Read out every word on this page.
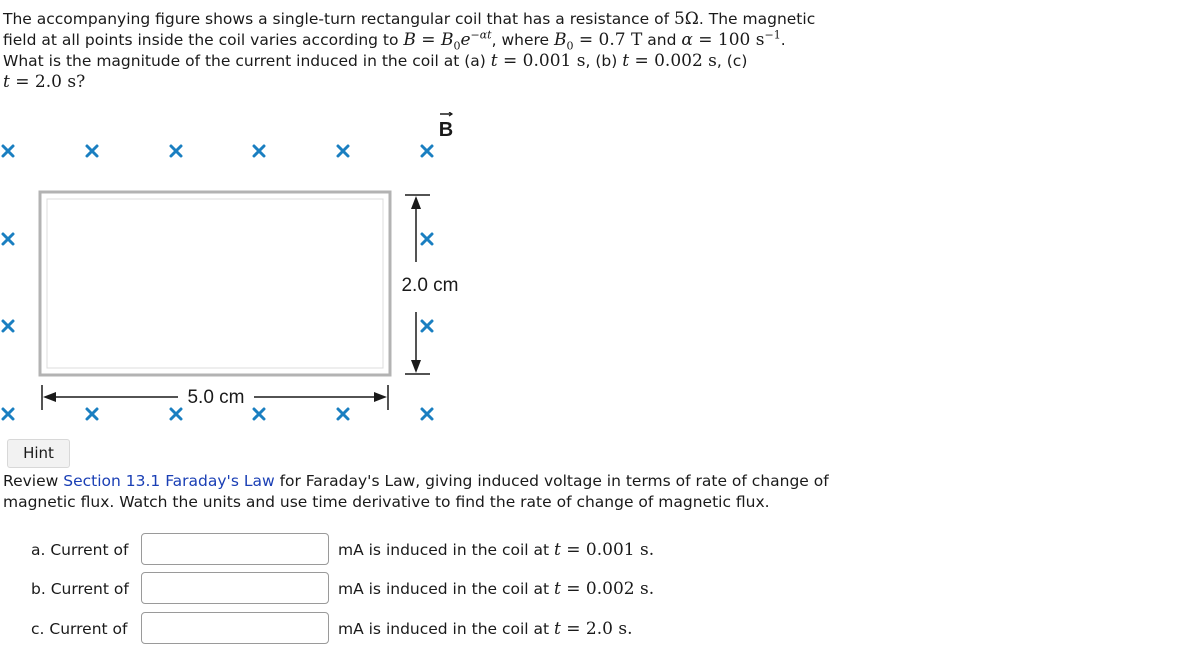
The accompanying figure shows a single-turn rectangular coil that has a resistance of 5Ω. The magnetic
field at all points inside the coil varies according to $B = B_0e^{-\alpha t}$, where $B_0 = 0.7$ T and α = 100 $s^{-1}$.
What is the magnitude of the current induced in the coil at (a) t = 0.001 s, (b) t = 0.002 s, (c)
t = 2.0 s?
B
2.0 cm
5.0 cm
Hint
Review Section 13.1 Faraday's Law for Faraday's Law, giving induced voltage in terms of rate of change of
magnetic flux. Watch the units and use time derivative to find the rate of change of magnetic flux.
a. Current of	mA is induced in the coil at t = 0.001 s.
b. Current of	mA is induced in the coil at t = 0.002 s.
c. Current of	mA is induced in the coil at t = 2.0 s.
